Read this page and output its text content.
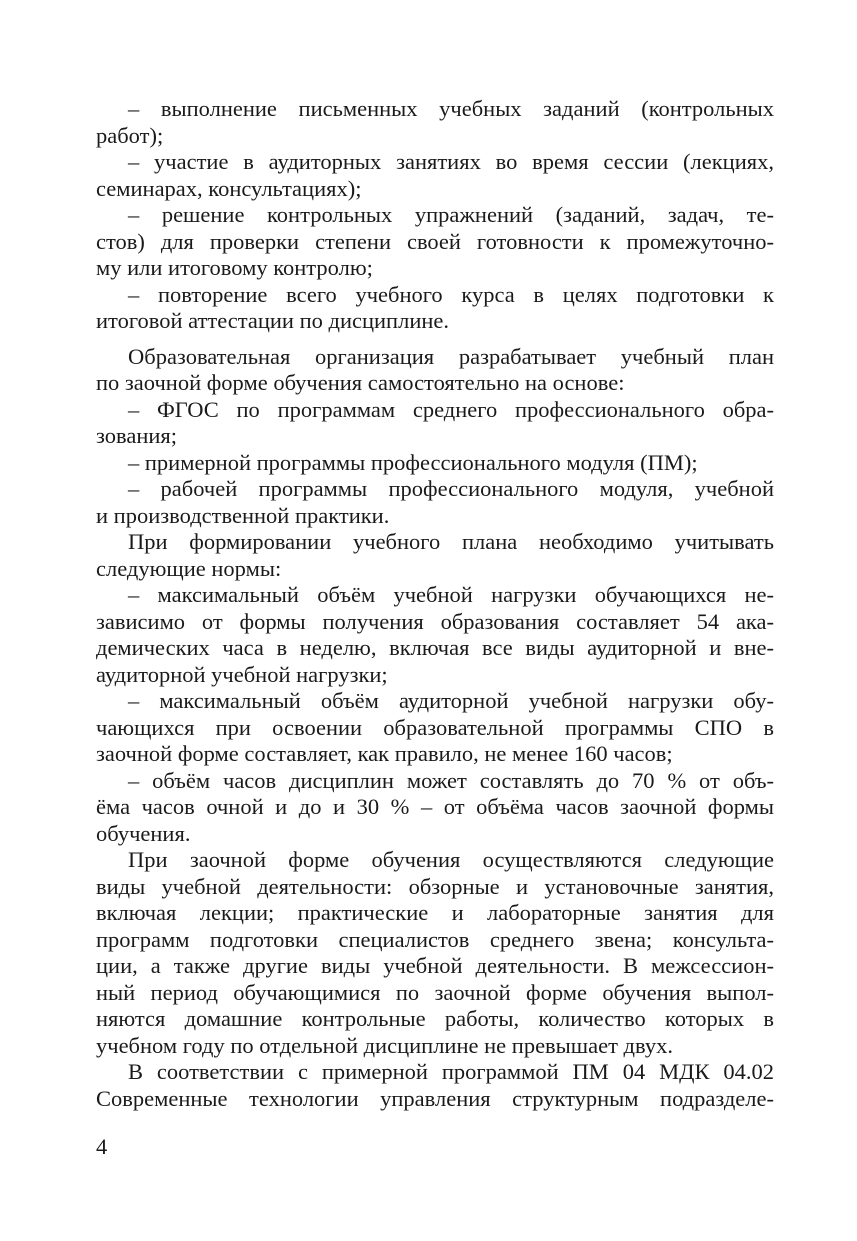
– выполнение письменных учебных заданий (контрольных
работ);
– участие в аудиторных занятиях во время сессии (лекциях,
семинарах, консультациях);
– решение контрольных упражнений (заданий, задач, те-
стов) для проверки степени своей готовности к промежуточно-
му или итоговому контролю;
– повторение всего учебного курса в целях подготовки к
итоговой аттестации по дисциплине.
Образовательная организация разрабатывает учебный план
по заочной форме обучения самостоятельно на основе:
– ФГОС по программам среднего профессионального обра-
зования;
– примерной программы профессионального модуля (ПМ);
– рабочей программы профессионального модуля, учебной
и производственной практики.
При формировании учебного плана необходимо учитывать
следующие нормы:
– максимальный объём учебной нагрузки обучающихся не-
зависимо от формы получения образования составляет 54 ака-
демических часа в неделю, включая все виды аудиторной и вне-
аудиторной учебной нагрузки;
– максимальный объём аудиторной учебной нагрузки обу-
чающихся при освоении образовательной программы СПО в
заочной форме составляет, как правило, не менее 160 часов;
– объём часов дисциплин может составлять до 70 % от объ-
ёма часов очной и до и 30 % – от объёма часов заочной формы
обучения.
При заочной форме обучения осуществляются следующие
виды учебной деятельности: обзорные и установочные занятия,
включая лекции; практические и лабораторные занятия для
программ подготовки специалистов среднего звена; консульта-
ции, а также другие виды учебной деятельности. В межсессион-
ный период обучающимися по заочной форме обучения выпол-
няются домашние контрольные работы, количество которых в
учебном году по отдельной дисциплине не превышает двух.
В соответствии с примерной программой ПМ 04 МДК 04.02
Современные технологии управления структурным подразделе-
4
